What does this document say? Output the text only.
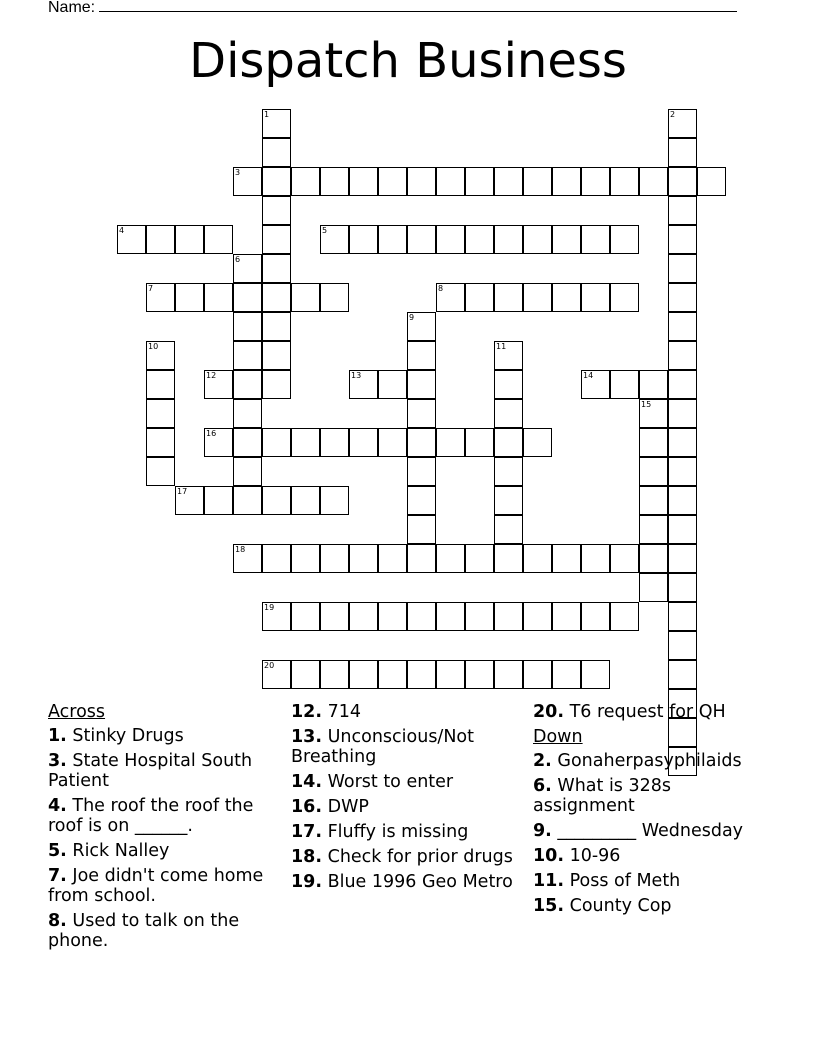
Name:
Dispatch Business
1	2
3
4	5
6
7	8
9
10	11
12	13	14
15
16
17
18
19
20
Across
1. Stinky Drugs
3. State Hospital South Patient
4. The roof the roof the roof is on ______.
5. Rick Nalley
7. Joe didn't come home from school.
8. Used to talk on the phone.
12. 714
13. Unconscious/Not Breathing
14. Worst to enter
16. DWP
17. Fluffy is missing
18. Check for prior drugs
19. Blue 1996 Geo Metro
20. T6 request for QH
Down
2. Gonaherpasyphilaids
6. What is 328s assignment
9. _________ Wednesday
10. 10-96
11. Poss of Meth
15. County Cop
